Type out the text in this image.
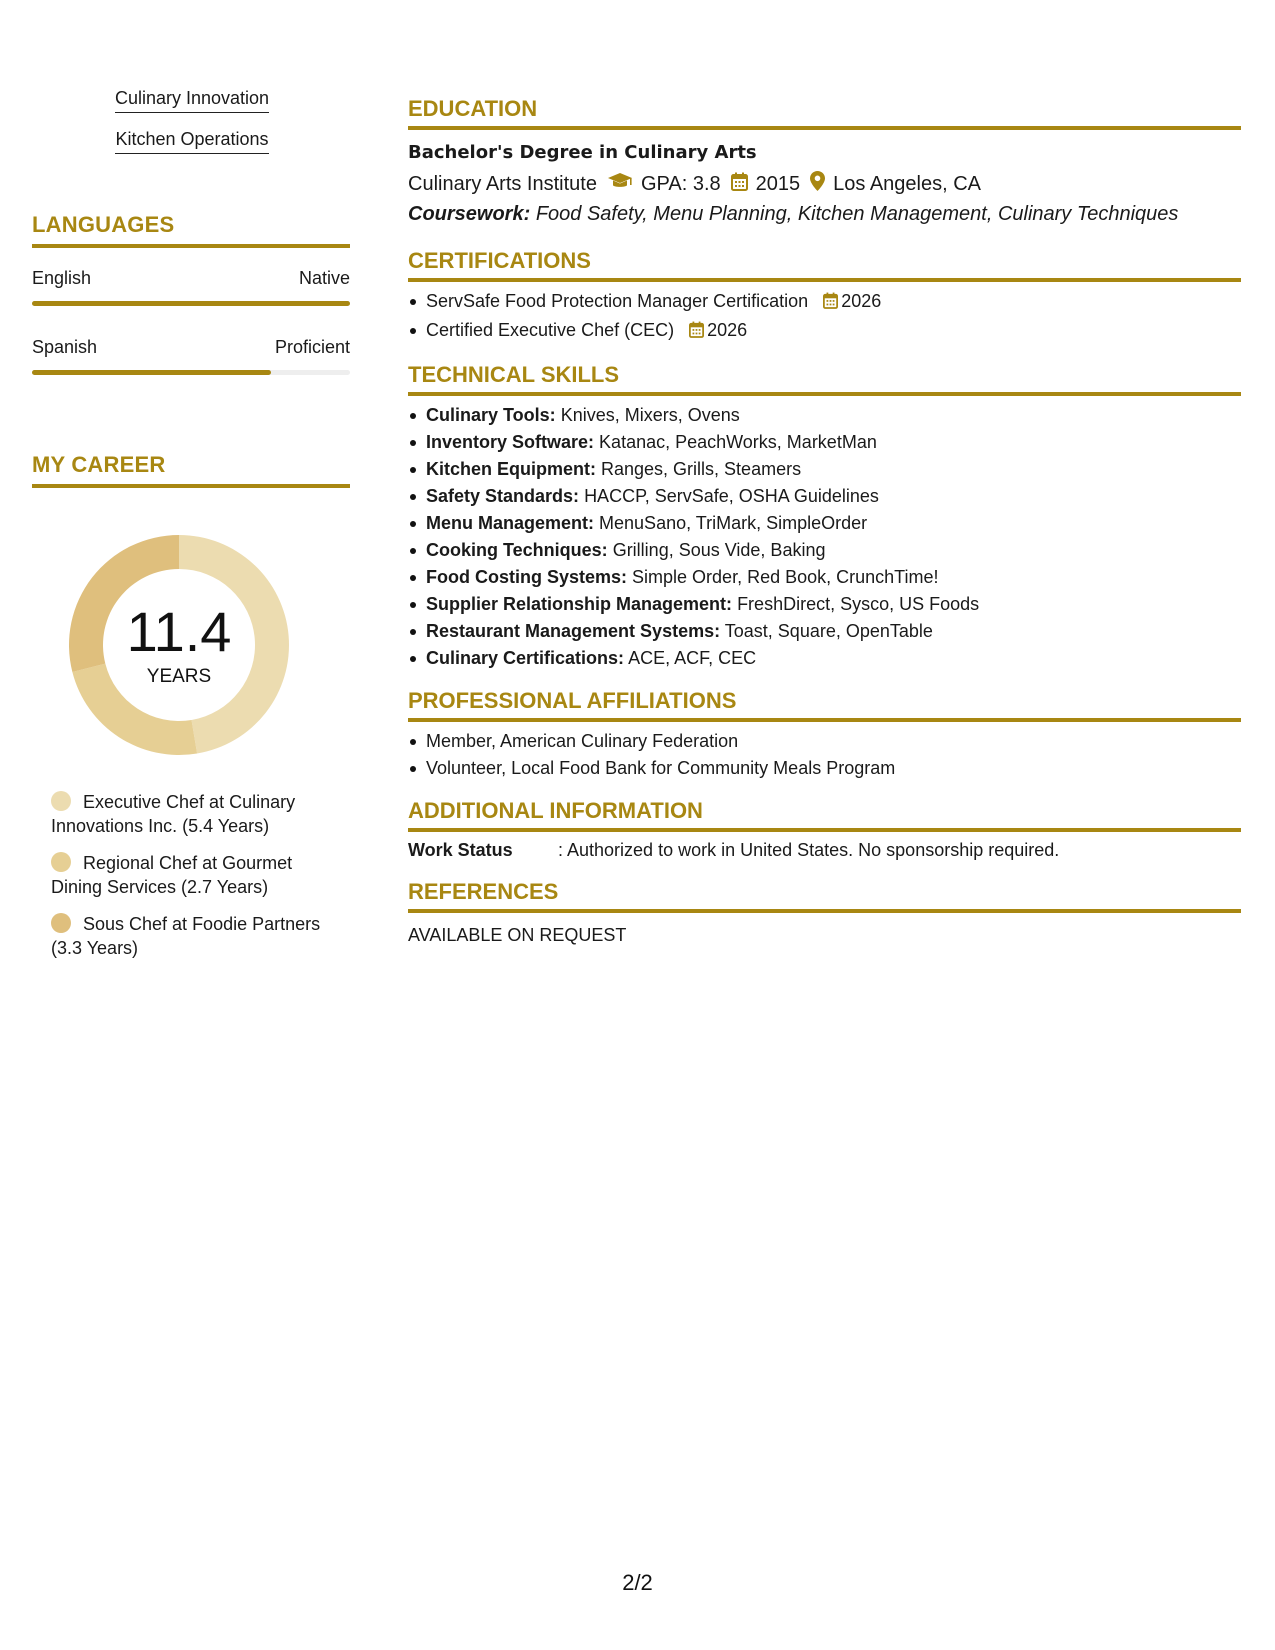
Culinary Innovation
Kitchen Operations
LANGUAGES
English	Native
Spanish	Proficient
MY CAREER
11.4
YEARS
Executive Chef at Culinary Innovations Inc. (5.4 Years)
Regional Chef at Gourmet Dining Services (2.7 Years)
Sous Chef at Foodie Partners (3.3 Years)
EDUCATION
Bachelor's Degree in Culinary Arts
Culinary Arts Institute GPA: 3.8 2015 Los Angeles, CA
Coursework: Food Safety, Menu Planning, Kitchen Management, Culinary Techniques
CERTIFICATIONS
ServSafe Food Protection Manager Certification 2026
Certified Executive Chef (CEC) 2026
TECHNICAL SKILLS
Culinary Tools: Knives, Mixers, Ovens
Inventory Software: Katanac, PeachWorks, MarketMan
Kitchen Equipment: Ranges, Grills, Steamers
Safety Standards: HACCP, ServSafe, OSHA Guidelines
Menu Management: MenuSano, TriMark, SimpleOrder
Cooking Techniques: Grilling, Sous Vide, Baking
Food Costing Systems: Simple Order, Red Book, CrunchTime!
Supplier Relationship Management: FreshDirect, Sysco, US Foods
Restaurant Management Systems: Toast, Square, OpenTable
Culinary Certifications: ACE, ACF, CEC
PROFESSIONAL AFFILIATIONS
Member, American Culinary Federation
Volunteer, Local Food Bank for Community Meals Program
ADDITIONAL INFORMATION
Work Status	: Authorized to work in United States. No sponsorship required.
REFERENCES
AVAILABLE ON REQUEST
2/2
